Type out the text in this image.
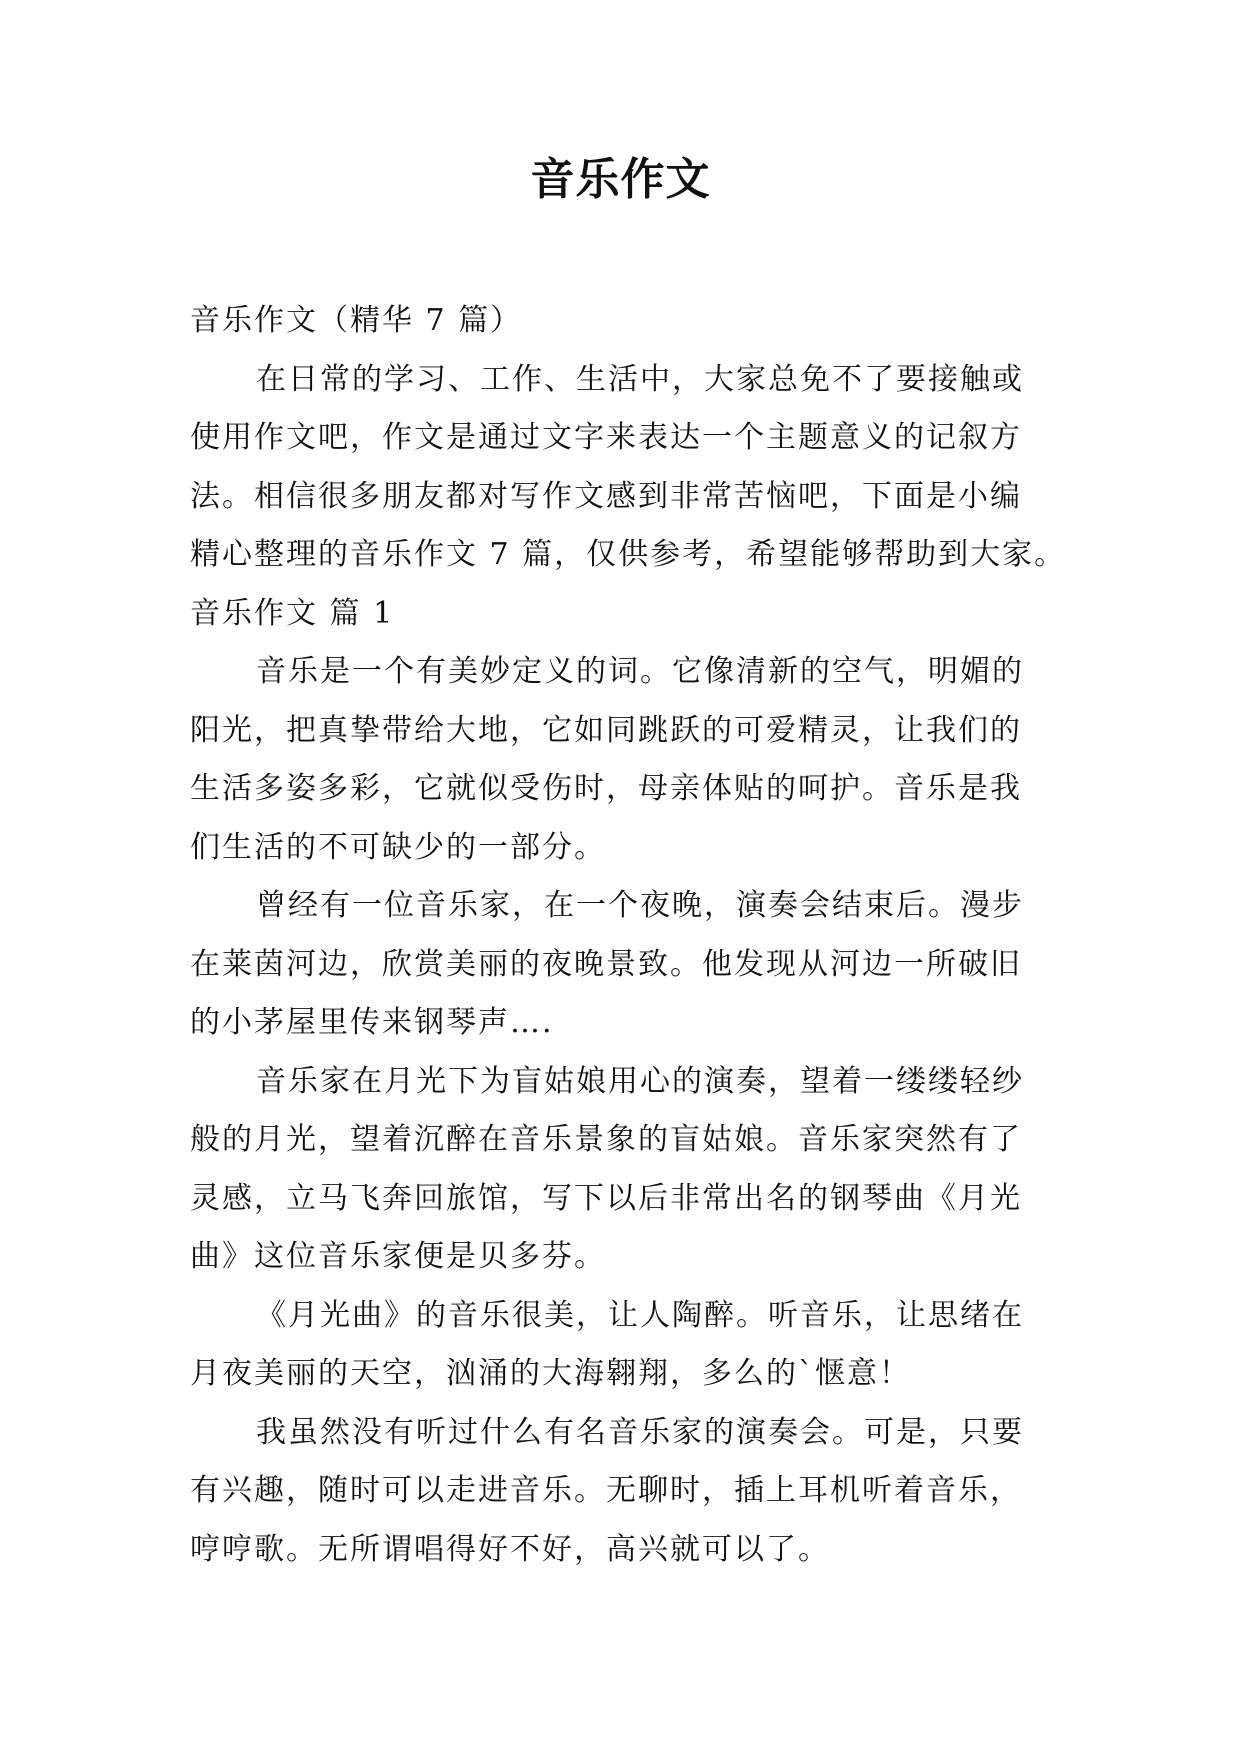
音乐作文
音乐作文（精华 7 篇）
在日常的学习、工作、生活中，大家总免不了要接触或
使用作文吧，作文是通过文字来表达一个主题意义的记叙方
法。相信很多朋友都对写作文感到非常苦恼吧，下面是小编
精心整理的音乐作文 7 篇，仅供参考，希望能够帮助到大家。
音乐作文 篇 1
音乐是一个有美妙定义的词。它像清新的空气，明媚的
阳光，把真挚带给大地，它如同跳跃的可爱精灵，让我们的
生活多姿多彩，它就似受伤时，母亲体贴的呵护。音乐是我
们生活的不可缺少的一部分。
曾经有一位音乐家，在一个夜晚，演奏会结束后。漫步
在莱茵河边，欣赏美丽的夜晚景致。他发现从河边一所破旧
的小茅屋里传来钢琴声….
音乐家在月光下为盲姑娘用心的演奏，望着一缕缕轻纱
般的月光，望着沉醉在音乐景象的盲姑娘。音乐家突然有了
灵感，立马飞奔回旅馆，写下以后非常出名的钢琴曲《月光
曲》这位音乐家便是贝多芬。
《月光曲》的音乐很美，让人陶醉。听音乐，让思绪在
月夜美丽的天空，汹涌的大海翱翔，多么的`惬意！
我虽然没有听过什么有名音乐家的演奏会。可是，只要
有兴趣，随时可以走进音乐。无聊时，插上耳机听着音乐，
哼哼歌。无所谓唱得好不好，高兴就可以了。
